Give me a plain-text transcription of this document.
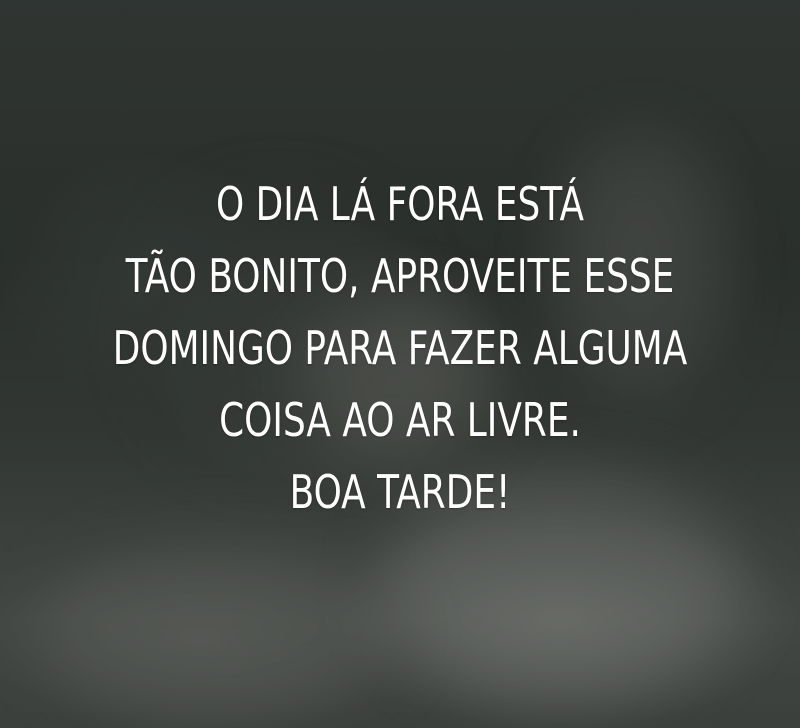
O DIA LÁ FORA ESTÁ
TÃO BONITO, APROVEITE ESSE
DOMINGO PARA FAZER ALGUMA
COISA AO AR LIVRE.
BOA TARDE!
